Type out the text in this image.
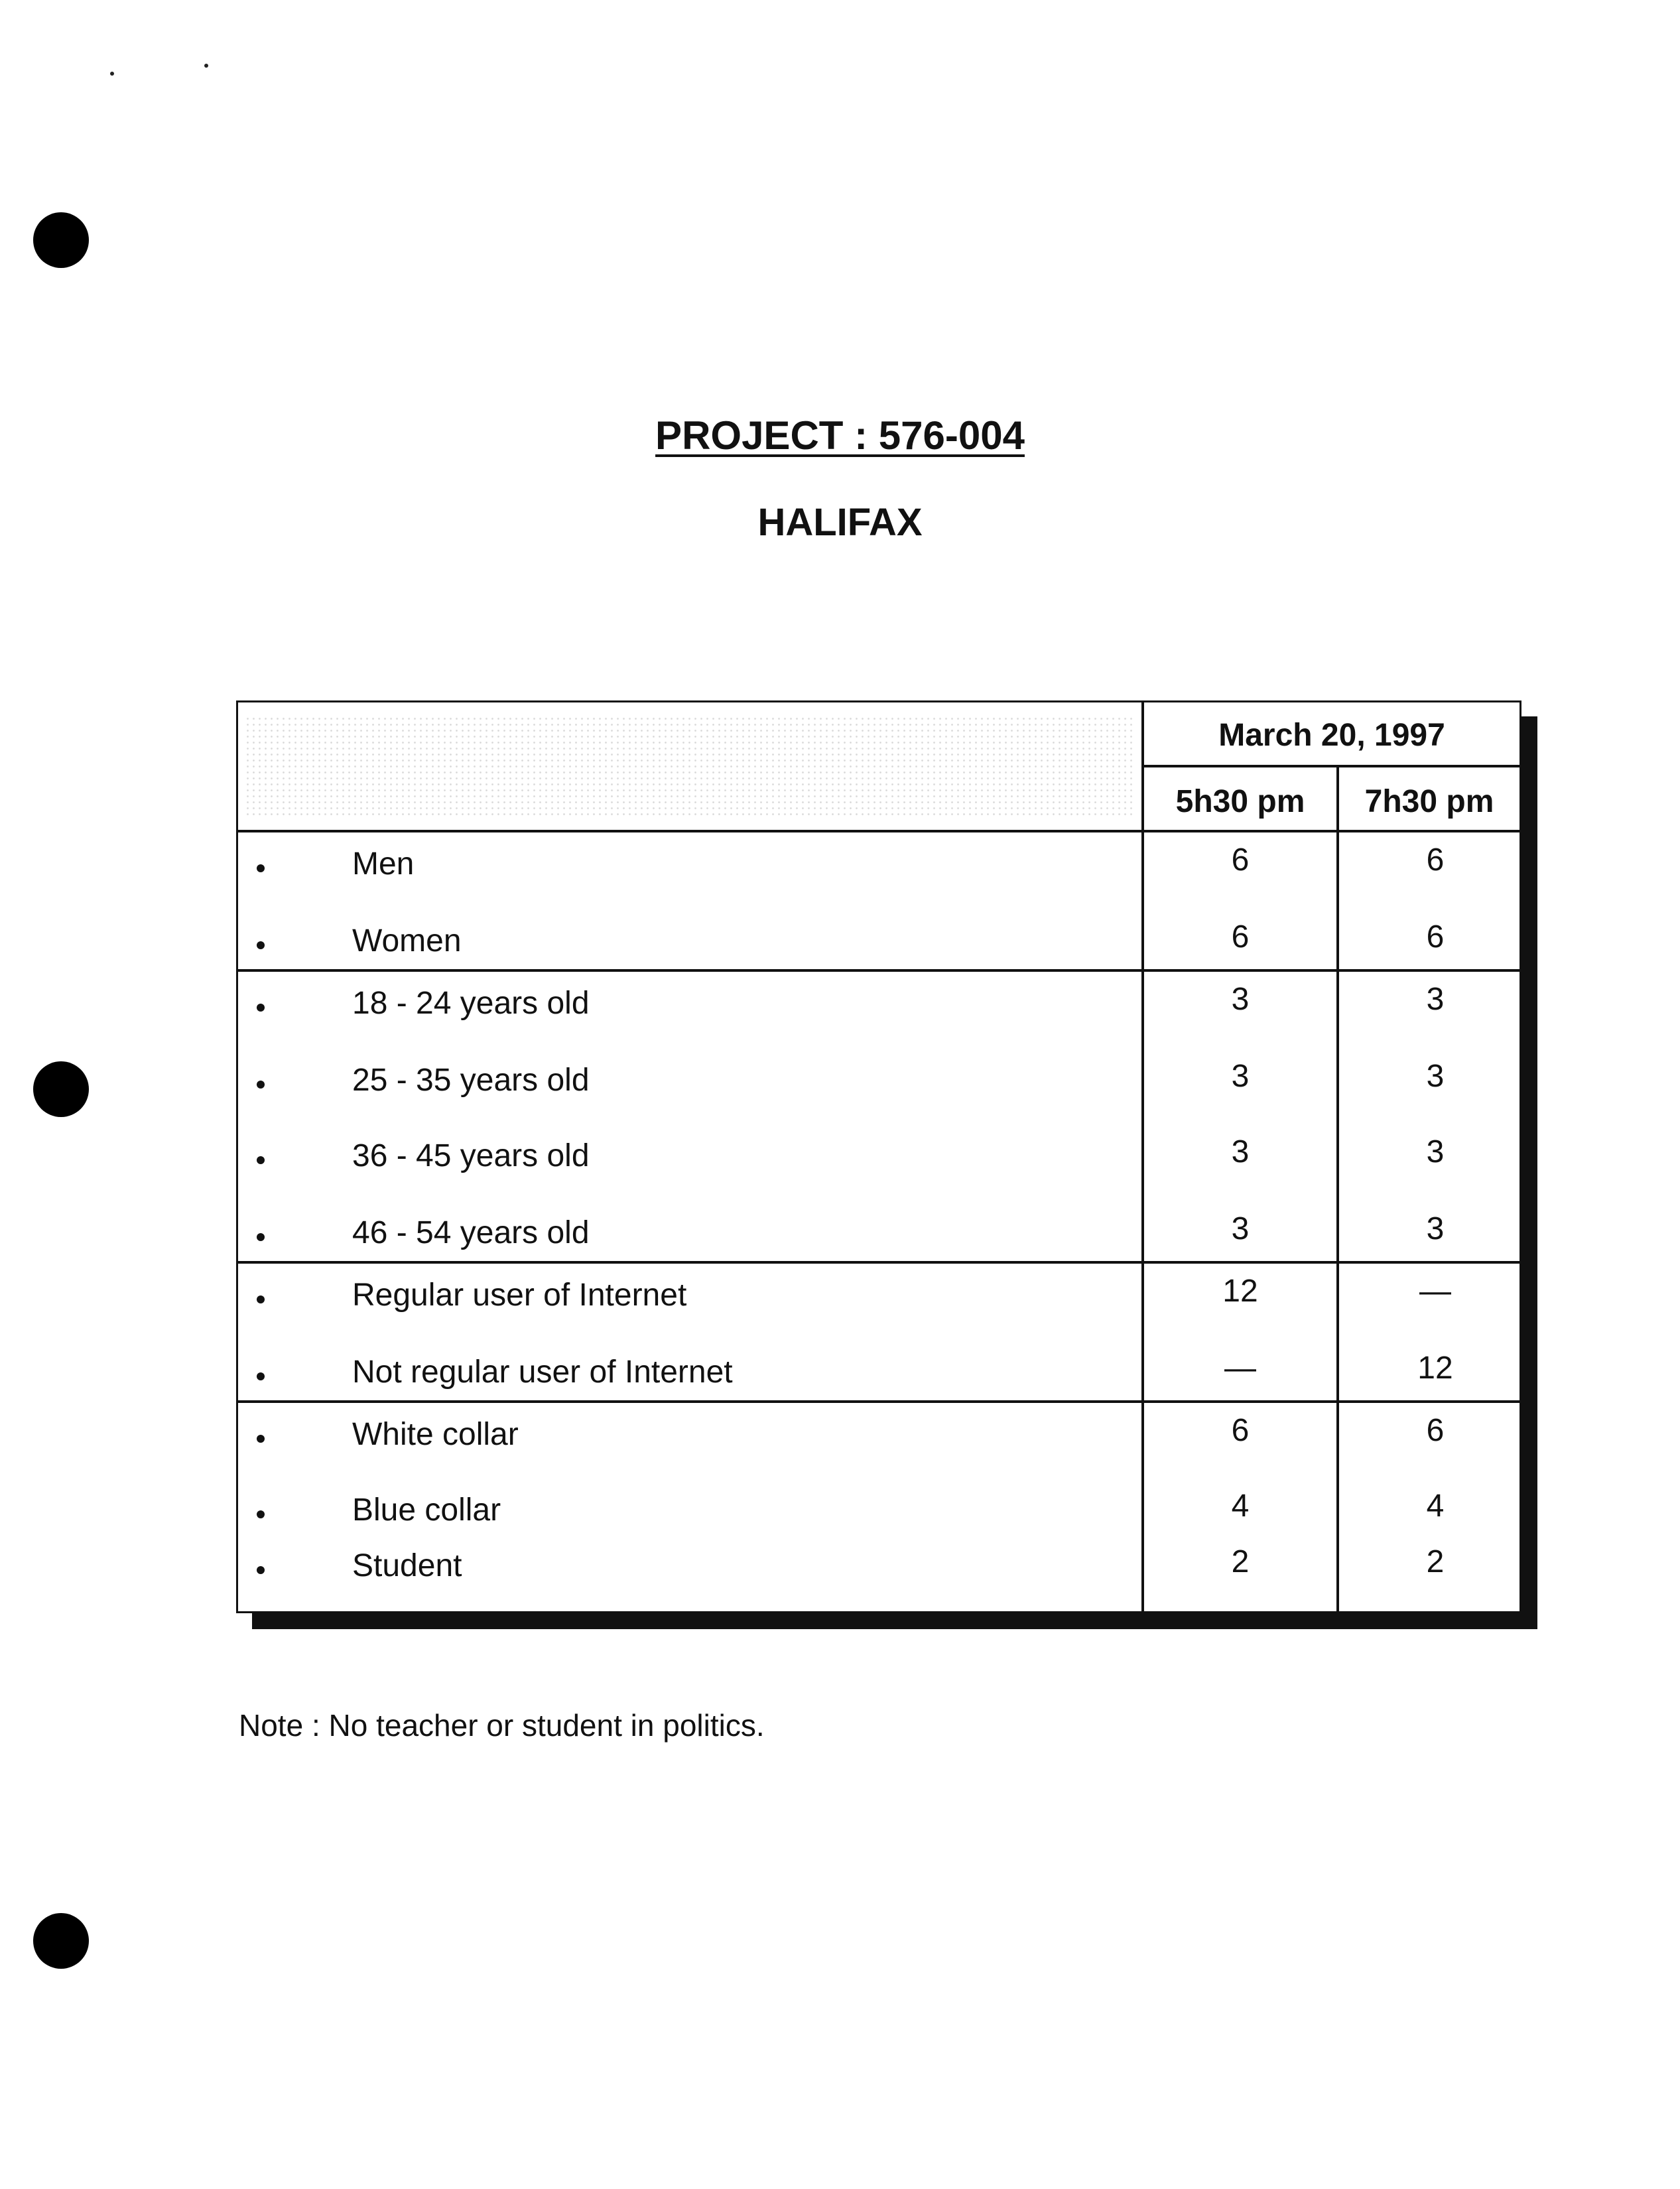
PROJECT : 576-004
HALIFAX
March 20, 1997
5h30 pm	7h30 pm
Men	6	6
Women	6	6
18 - 24 years old	3	3
25 - 35 years old	3	3
36 - 45 years old	3	3
46 - 54 years old	3	3
Regular user of Internet	12	—
Not regular user of Internet	—	12
White collar	6	6
Blue collar	4	4
Student	2	2
Note : No teacher or student in politics.
